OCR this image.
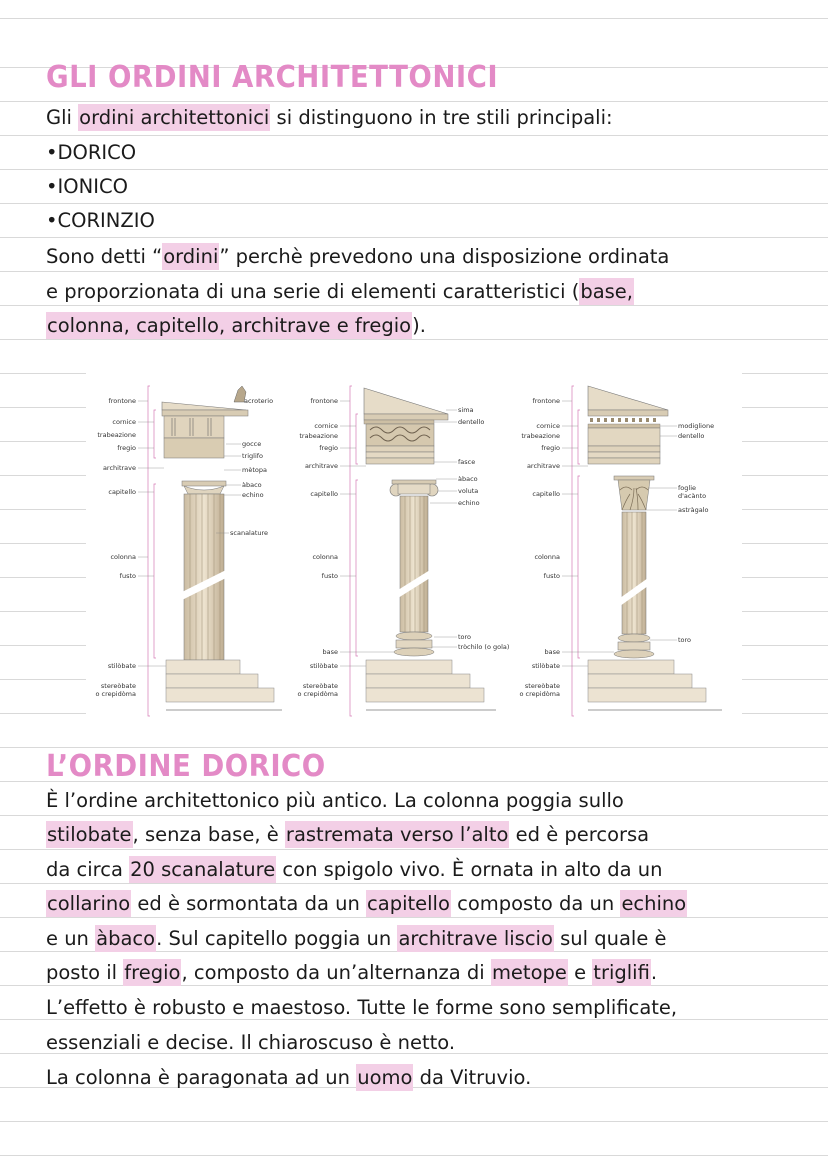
GLI ORDINI ARCHITETTONICI

Gli ordini architettonici si distinguono in tre stili principali:

•DORICO

•IONICO

•CORINZIO

Sono detti “ordini” perchè prevedono una disposizione ordinata

e proporzionata di una serie di elementi caratteristici (base,

colonna, capitello, architrave e fregio).

frontone
cornice
trabeazione
fregio
architrave
capitello
colonna
fusto
stilòbate
stereòbate
o crepidòma
acroterio
gocce
triglifo
mètopa
àbaco
echino
scanalature
frontone
cornice
trabeazione
fregio
architrave
capitello
colonna
fusto
base
stilòbate
stereòbate
o crepidòma
sima
dentello
fasce
àbaco
voluta
echino
toro
tròchilo (o gola)
frontone
cornice
trabeazione
fregio
architrave
capitello
colonna
fusto
base
stilòbate
stereòbate
o crepidòma
modiglione
dentello
foglie
d'acànto
astràgalo
toro
L’ORDINE DORICO

È l’ordine architettonico più antico. La colonna poggia sullo

stilobate, senza base, è rastremata verso l’alto ed è percorsa

da circa 20 scanalature con spigolo vivo. È ornata in alto da un

collarino ed è sormontata da un capitello composto da un echino

e un àbaco. Sul capitello poggia un architrave liscio sul quale è

posto il fregio, composto da un’alternanza di metope e triglifi.

L’effetto è robusto e maestoso. Tutte le forme sono semplificate,

essenziali e decise. Il chiaroscuso è netto.

La colonna è paragonata ad un uomo da Vitruvio.
